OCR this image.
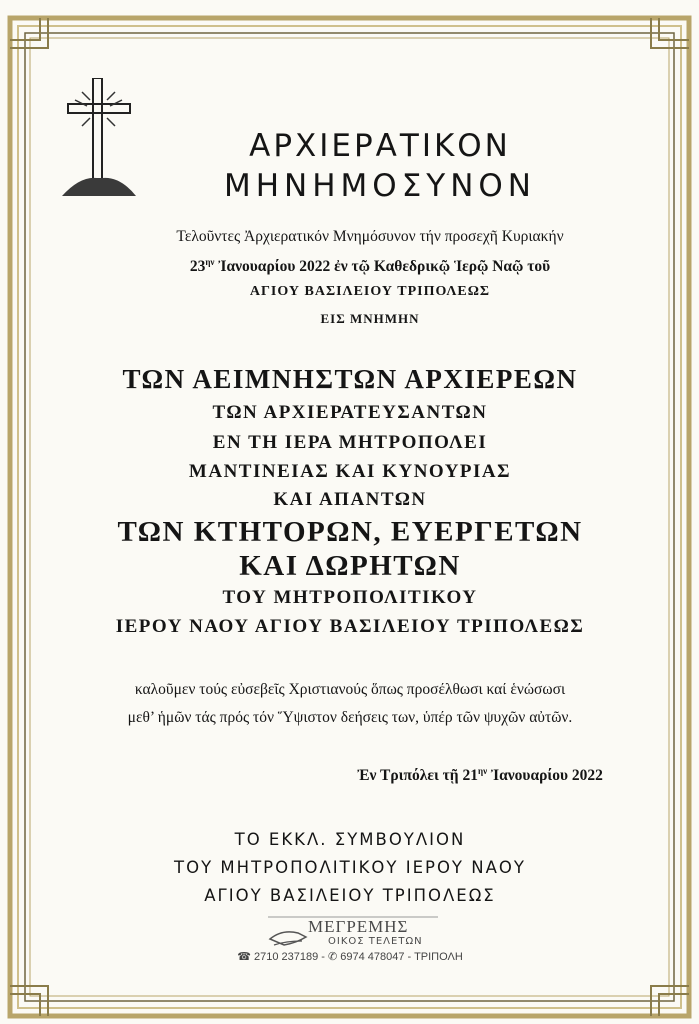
ΑΡΧΙΕΡΑΤΙΚΟΝ
ΜΗΝΗΜΟΣΥΝΟΝ
Τελοῦντες Ἀρχιερατικόν Μνημόσυνον τήν προσεχῆ Κυριακήν
$23^{\eta\nu}$ Ἰανουαρίου 2022 ἐν τῷ Καθεδρικῷ Ἱερῷ Ναῷ τοῦ
ΑΓΙΟΥ ΒΑΣΙΛΕΙΟΥ ΤΡΙΠΟΛΕΩΣ
ΕΙΣ ΜΝΗΜΗΝ
ΤΩΝ ΑΕΙΜΝΗΣΤΩΝ ΑΡΧΙΕΡΕΩΝ
ΤΩΝ ΑΡΧΙΕΡΑΤΕΥΣΑΝΤΩΝ
ΕΝ ΤΗ ΙΕΡΑ ΜΗΤΡΟΠΟΛΕΙ
ΜΑΝΤΙΝΕΙΑΣ ΚΑΙ ΚΥΝΟΥΡΙΑΣ
ΚΑΙ ΑΠΑΝΤΩΝ
ΤΩΝ ΚΤΗΤΟΡΩΝ, ΕΥΕΡΓΕΤΩΝ
ΚΑΙ ΔΩΡΗΤΩΝ
ΤΟΥ ΜΗΤΡΟΠΟΛΙΤΙΚΟΥ
ΙΕΡΟΥ ΝΑΟΥ ΑΓΙΟΥ ΒΑΣΙΛΕΙΟΥ ΤΡΙΠΟΛΕΩΣ
καλοῦμεν τούς εὐσεβεῖς Χριστιανούς ὅπως προσέλθωσι καί ἑνώσωσι
μεθ’ ἡμῶν τάς πρός τόν Ὕψιστον δεήσεις των, ὑπέρ τῶν ψυχῶν αὐτῶν.
Ἐν Τριπόλει τῇ $21^{\eta\nu}$ Ἰανουαρίου 2022
ΤΟ ΕΚΚΛ. ΣΥΜΒΟΥΛΙΟΝ
ΤΟΥ ΜΗΤΡΟΠΟΛΙΤΙΚΟΥ ΙΕΡΟΥ ΝΑΟΥ
ΑΓΙΟΥ ΒΑΣΙΛΕΙΟΥ ΤΡΙΠΟΛΕΩΣ
ΜΕΓΡΕΜΗΣ
ΟΙΚΟΣ ΤΕΛΕΤΩΝ
☎ 2710 237189 - ✆ 6974 478047 - ΤΡΙΠΟΛΗ
